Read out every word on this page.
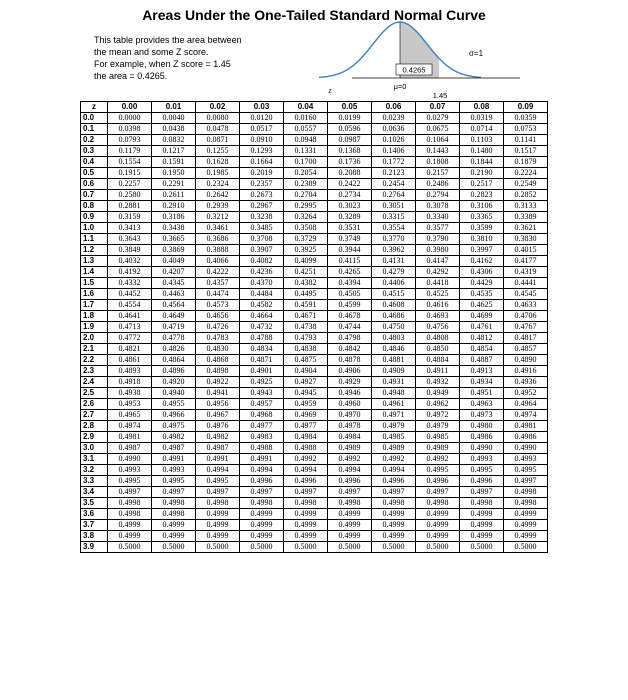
Areas Under the One-Tailed Standard Normal Curve
This table provides the area between
the mean and some Z score.
For example, when Z score = 1.45
the area = 0.4265.
0.4265
σ=1
z	μ=0
1.45
z	0.00	0.01	0.02	0.03	0.04	0.05	0.06	0.07	0.08	0.09
0.0	0.0000	0.0040	0.0080	0.0120	0.0160	0.0199	0.0239	0.0279	0.0319	0.0359
0.1	0.0398	0.0438	0.0478	0.0517	0.0557	0.0596	0.0636	0.0675	0.0714	0.0753
0.2	0.0793	0.0832	0.0871	0.0910	0.0948	0.0987	0.1026	0.1064	0.1103	0.1141
0.3	0.1179	0.1217	0.1255	0.1293	0.1331	0.1368	0.1406	0.1443	0.1480	0.1517
0.4	0.1554	0.1591	0.1628	0.1664	0.1700	0.1736	0.1772	0.1808	0.1844	0.1879
0.5	0.1915	0.1950	0.1985	0.2019	0.2054	0.2088	0.2123	0.2157	0.2190	0.2224
0.6	0.2257	0.2291	0.2324	0.2357	0.2389	0.2422	0.2454	0.2486	0.2517	0.2549
0.7	0.2580	0.2611	0.2642	0.2673	0.2704	0.2734	0.2764	0.2794	0.2823	0.2852
0.8	0.2881	0.2910	0.2939	0.2967	0.2995	0.3023	0.3051	0.3078	0.3106	0.3133
0.9	0.3159	0.3186	0.3212	0.3238	0.3264	0.3289	0.3315	0.3340	0.3365	0.3389
1.0	0.3413	0.3438	0.3461	0.3485	0.3508	0.3531	0.3554	0.3577	0.3599	0.3621
1.1	0.3643	0.3665	0.3686	0.3708	0.3729	0.3749	0.3770	0.3790	0.3810	0.3830
1.2	0.3849	0.3869	0.3888	0.3907	0.3925	0.3944	0.3962	0.3980	0.3997	0.4015
1.3	0.4032	0.4049	0.4066	0.4082	0.4099	0.4115	0.4131	0.4147	0.4162	0.4177
1.4	0.4192	0.4207	0.4222	0.4236	0.4251	0.4265	0.4279	0.4292	0.4306	0.4319
1.5	0.4332	0.4345	0.4357	0.4370	0.4382	0.4394	0.4406	0.4418	0.4429	0.4441
1.6	0.4452	0.4463	0.4474	0.4484	0.4495	0.4505	0.4515	0.4525	0.4535	0.4545
1.7	0.4554	0.4564	0.4573	0.4582	0.4591	0.4599	0.4608	0.4616	0.4625	0.4633
1.8	0.4641	0.4649	0.4656	0.4664	0.4671	0.4678	0.4686	0.4693	0.4699	0.4706
1.9	0.4713	0.4719	0.4726	0.4732	0.4738	0.4744	0.4750	0.4756	0.4761	0.4767
2.0	0.4772	0.4778	0.4783	0.4788	0.4793	0.4798	0.4803	0.4808	0.4812	0.4817
2.1	0.4821	0.4826	0.4830	0.4834	0.4838	0.4842	0.4846	0.4850	0.4854	0.4857
2.2	0.4861	0.4864	0.4868	0.4871	0.4875	0.4878	0.4881	0.4884	0.4887	0.4890
2.3	0.4893	0.4896	0.4898	0.4901	0.4904	0.4906	0.4909	0.4911	0.4913	0.4916
2.4	0.4918	0.4920	0.4922	0.4925	0.4927	0.4929	0.4931	0.4932	0.4934	0.4936
2.5	0.4938	0.4940	0.4941	0.4943	0.4945	0.4946	0.4948	0.4949	0.4951	0.4952
2.6	0.4953	0.4955	0.4956	0.4957	0.4959	0.4960	0.4961	0.4962	0.4963	0.4964
2.7	0.4965	0.4966	0.4967	0.4968	0.4969	0.4970	0.4971	0.4972	0.4973	0.4974
2.8	0.4974	0.4975	0.4976	0.4977	0.4977	0.4978	0.4979	0.4979	0.4980	0.4981
2.9	0.4981	0.4982	0.4982	0.4983	0.4984	0.4984	0.4985	0.4985	0.4986	0.4986
3.0	0.4987	0.4987	0.4987	0.4988	0.4988	0.4989	0.4989	0.4989	0.4990	0.4990
3.1	0.4990	0.4991	0.4991	0.4991	0.4992	0.4992	0.4992	0.4992	0.4993	0.4993
3.2	0.4993	0.4993	0.4994	0.4994	0.4994	0.4994	0.4994	0.4995	0.4995	0.4995
3.3	0.4995	0.4995	0.4995	0.4996	0.4996	0.4996	0.4996	0.4996	0.4996	0.4997
3.4	0.4997	0.4997	0.4997	0.4997	0.4997	0.4997	0.4997	0.4997	0.4997	0.4998
3.5	0.4998	0.4998	0.4998	0.4998	0.4998	0.4998	0.4998	0.4998	0.4998	0.4998
3.6	0.4998	0.4998	0.4999	0.4999	0.4999	0.4999	0.4999	0.4999	0.4999	0.4999
3.7	0.4999	0.4999	0.4999	0.4999	0.4999	0.4999	0.4999	0.4999	0.4999	0.4999
3.8	0.4999	0.4999	0.4999	0.4999	0.4999	0.4999	0.4999	0.4999	0.4999	0.4999
3.9	0.5000	0.5000	0.5000	0.5000	0.5000	0.5000	0.5000	0.5000	0.5000	0.5000
